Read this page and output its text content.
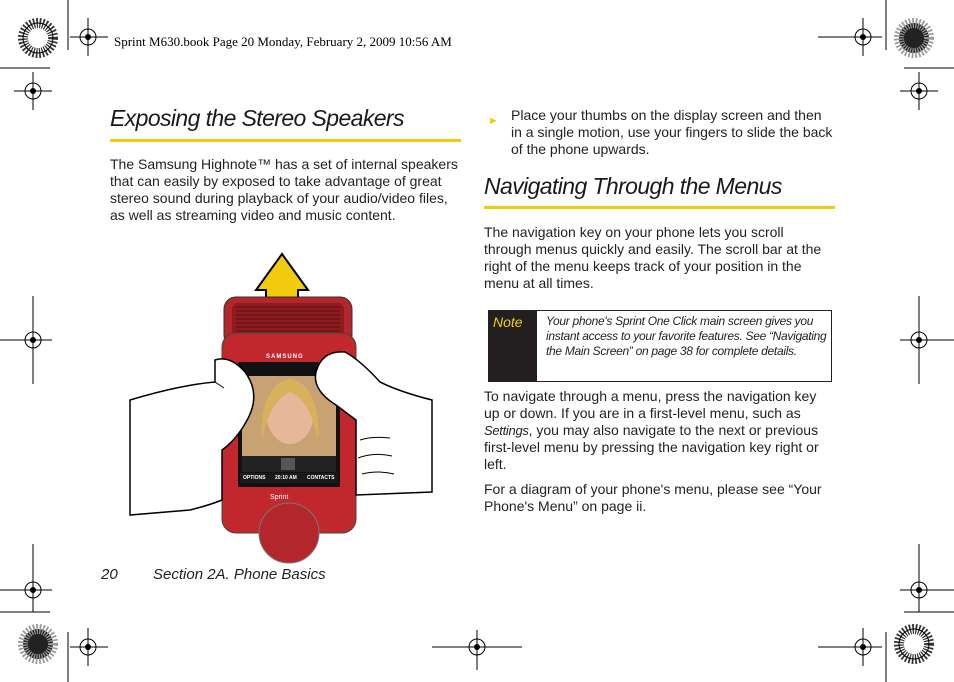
Sprint M630.book Page 20 Monday, February 2, 2009 10:56 AM
Exposing the Stereo Speakers

The Samsung Highnote™ has a set of internal speakers that can easily by exposed to take advantage of great stereo sound during playback of your audio/video files, as well as streaming video and music content.

SAMSUNG
OPTIONS 20:10 AM CONTACTS
Sprint
► Place your thumbs on the display screen and then in a single motion, use your fingers to slide the back of the phone upwards.

Navigating Through the Menus

The navigation key on your phone lets you scroll through menus quickly and easily. The scroll bar at the right of the menu keeps track of your position in the menu at all times.

Note Your phone's Sprint One Click main screen gives you instant access to your favorite features. See “Navigating the Main Screen” on page 38 for complete details.

To navigate through a menu, press the navigation key up or down. If you are in a first-level menu, such as Settings, you may also navigate to the next or previous first-level menu by pressing the navigation key right or left.

For a diagram of your phone's menu, please see “Your Phone's Menu” on page ii.

20 Section 2A. Phone Basics
